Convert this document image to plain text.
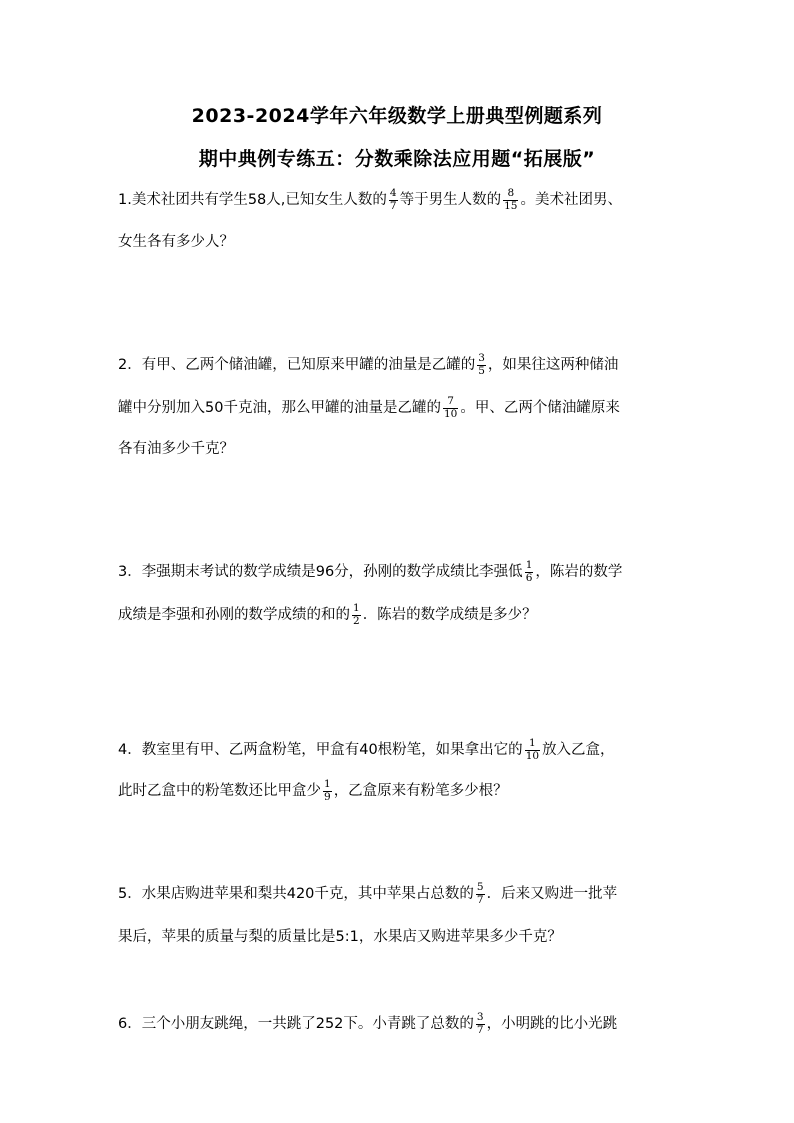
2023-2024学年六年级数学上册典型例题系列
期中典例专练五：分数乘除法应用题“拓展版”
1.美术社团共有学生58人,已知女生人数的 $\frac{4}{7}$ 等于男生人数的 $\frac{8}{15}$ 。美术社团男、
女生各有多少人？
2．有甲、乙两个储油罐，已知原来甲罐的油量是乙罐的 $\frac{3}{5}$ ，如果往这两种储油
罐中分别加入50千克油，那么甲罐的油量是乙罐的 $\frac{7}{10}$ 。甲、乙两个储油罐原来
各有油多少千克？
3．李强期末考试的数学成绩是96分，孙刚的数学成绩比李强低 $\frac{1}{6}$ ，陈岩的数学
成绩是李强和孙刚的数学成绩的和的 $\frac{1}{2}$ ．陈岩的数学成绩是多少？
4．教室里有甲、乙两盒粉笔，甲盒有40根粉笔，如果拿出它的 $\frac{1}{10}$ 放入乙盒，
此时乙盒中的粉笔数还比甲盒少 $\frac{1}{9}$ ，乙盒原来有粉笔多少根？
5．水果店购进苹果和梨共420千克，其中苹果占总数的 $\frac{5}{7}$ ．后来又购进一批苹
果后，苹果的质量与梨的质量比是5:1，水果店又购进苹果多少千克？
6．三个小朋友跳绳，一共跳了252下。小青跳了总数的 $\frac{3}{7}$ ，小明跳的比小光跳
